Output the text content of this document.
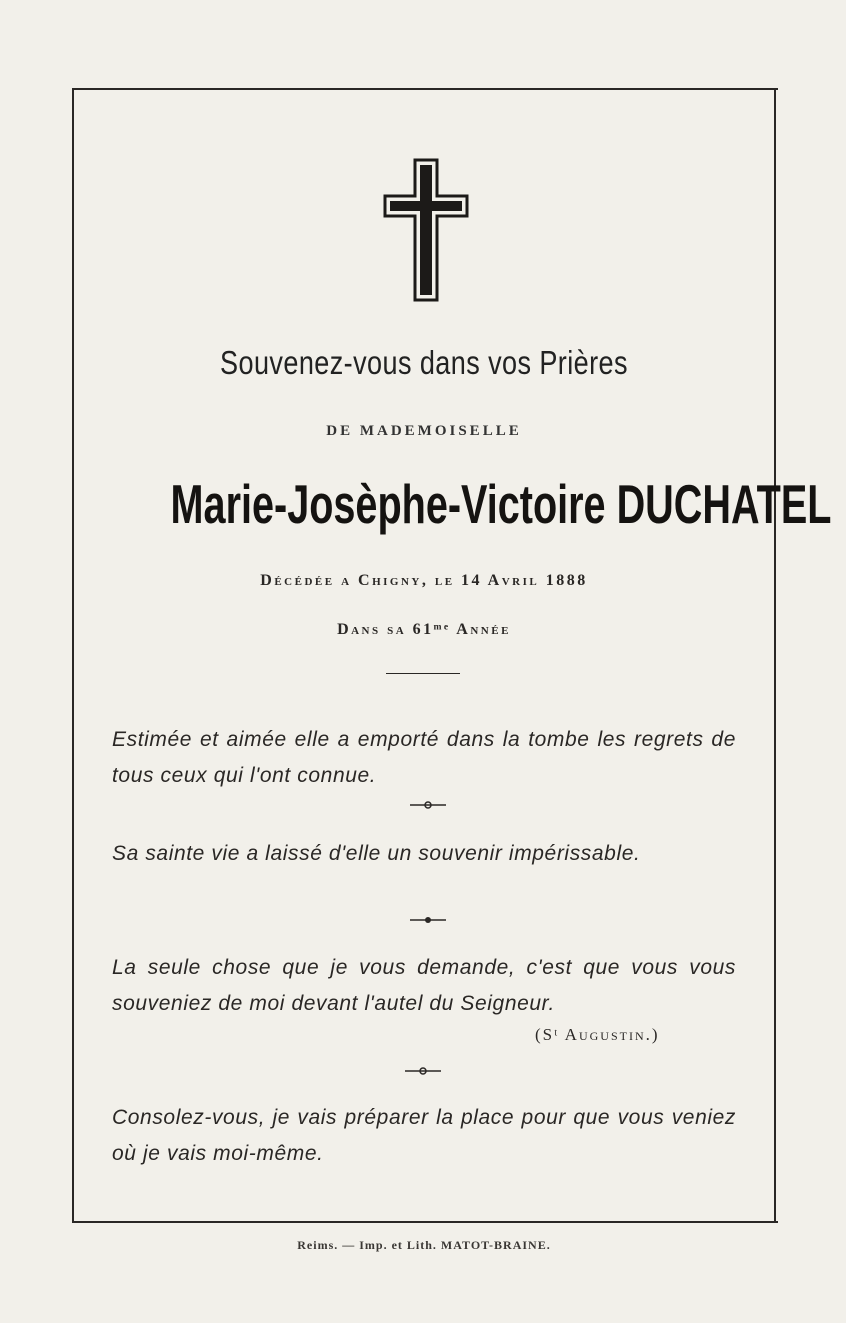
Souvenez-vous dans vos Prières
DE MADEMOISELLE
Marie-Josèphe-Victoire DUCHATEL
Décédée a Chigny, le 14 Avril 1888
Dans sa 61ᵐᵉ Année
Estimée et aimée elle a emporté dans la tombe les regrets de tous ceux qui l'ont connue.
Sa sainte vie a laissé d'elle un souvenir impérissable.
La seule chose que je vous demande, c'est que vous vous souveniez de moi devant l'autel du Seigneur.
(Sᵗ Augustin.)
Consolez-vous, je vais préparer la place pour que vous veniez où je vais moi-même.
Reims. — Imp. et Lith. MATOT-BRAINE.
